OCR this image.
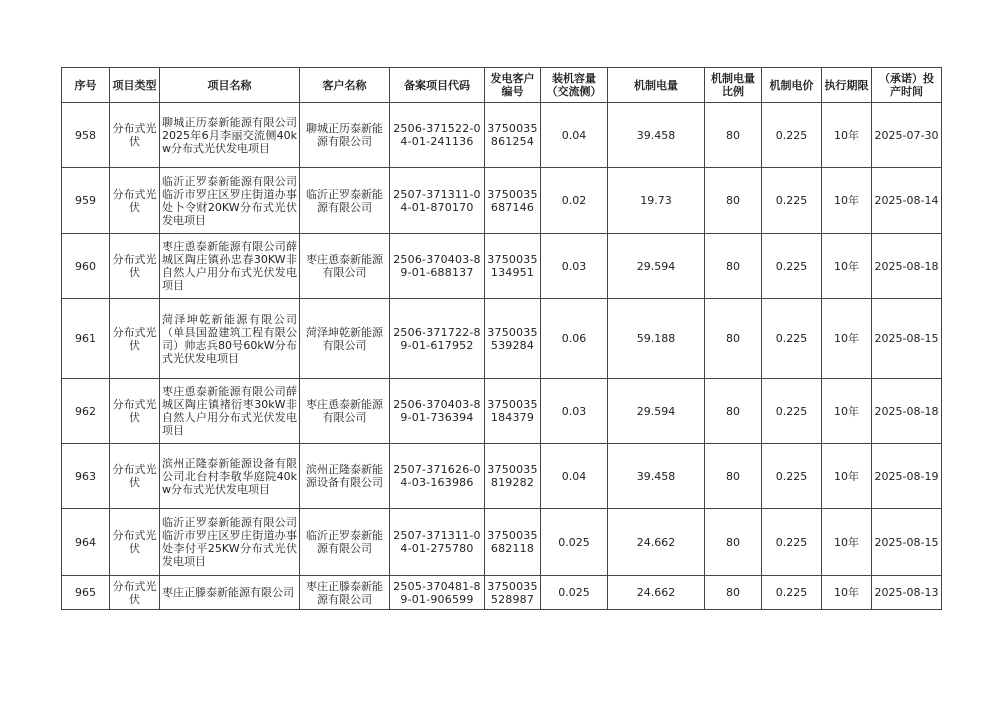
序号	项目类型	项目名称	客户名称	备案项目代码	发电客户编号	装机容量（交流侧）	机制电量	机制电量比例	机制电价	执行期限	（承诺）投产时间
958	分布式光伏	聊城正历泰新能源有限公司2025年6月李丽交流侧40kw分布式光伏发电项目	聊城正历泰新能源有限公司	2506-371522-04-01-241136	3750035861254	0.04	39.458	80	0.225	10年	2025-07-30
959	分布式光伏	临沂正罗泰新能源有限公司临沂市罗庄区罗庄街道办事处卜令财20KW分布式光伏发电项目	临沂正罗泰新能源有限公司	2507-371311-04-01-870170	3750035687146	0.02	19.73	80	0.225	10年	2025-08-14
960	分布式光伏	枣庄恿泰新能源有限公司薛城区陶庄镇孙忠春30KW非自然人户用分布式光伏发电项目	枣庄恿泰新能源有限公司	2506-370403-89-01-688137	3750035134951	0.03	29.594	80	0.225	10年	2025-08-18
961	分布式光伏	菏泽坤乾新能源有限公司（单县国盈建筑工程有限公司）帅志兵80号60kW分布式光伏发电项目	菏泽坤乾新能源有限公司	2506-371722-89-01-617952	3750035539284	0.06	59.188	80	0.225	10年	2025-08-15
962	分布式光伏	枣庄恿泰新能源有限公司薛城区陶庄镇褚衍枣30kW非自然人户用分布式光伏发电项目	枣庄恿泰新能源有限公司	2506-370403-89-01-736394	3750035184379	0.03	29.594	80	0.225	10年	2025-08-18
963	分布式光伏	滨州正隆泰新能源设备有限公司北台村李敬华庭院40kw分布式光伏发电项目	滨州正隆泰新能源设备有限公司	2507-371626-04-03-163986	3750035819282	0.04	39.458	80	0.225	10年	2025-08-19
964	分布式光伏	临沂正罗泰新能源有限公司临沂市罗庄区罗庄街道办事处李付平25KW分布式光伏发电项目	临沂正罗泰新能源有限公司	2507-371311-04-01-275780	3750035682118	0.025	24.662	80	0.225	10年	2025-08-15
965	分布式光伏	枣庄正滕泰新能源有限公司	枣庄正滕泰新能源有限公司	2505-370481-89-01-906599	3750035528987	0.025	24.662	80	0.225	10年	2025-08-13
